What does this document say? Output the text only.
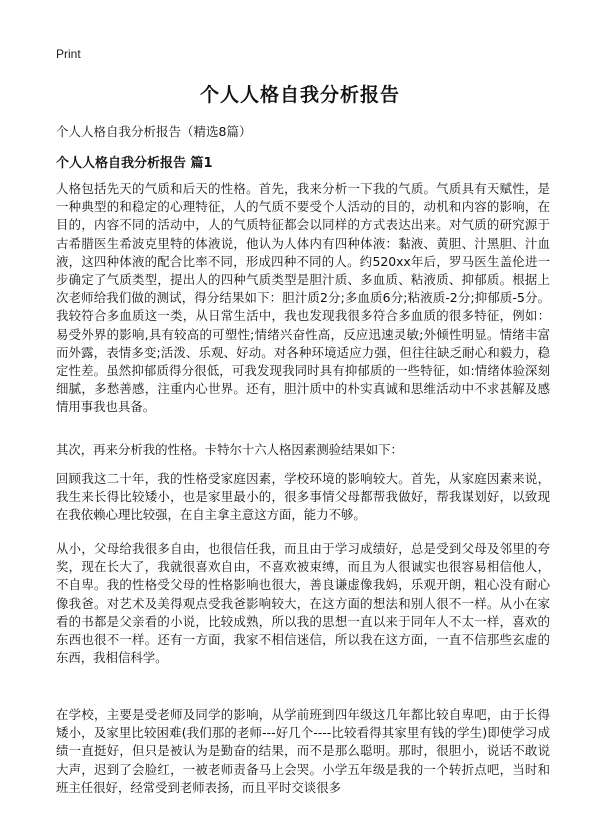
Print
个人人格自我分析报告
个人人格自我分析报告（精选8篇）
个人人格自我分析报告 篇1

人格包括先天的气质和后天的性格。首先，我来分析一下我的气质。气质具有天赋性，是一种典型的和稳定的心理特征，人的气质不要受个人活动的目的，动机和内容的影响，在目的，内容不同的活动中，人的气质特征都会以同样的方式表达出来。对气质的研究源于古希腊医生希波克里特的体液说，他认为人体内有四种体液：黏液、黄胆、汁黑胆、汁血液，这四种体液的配合比率不同，形成四种不同的人。约520xx年后，罗马医生盖伦进一步确定了气质类型，提出人的四种气质类型是胆汁质、多血质、粘液质、抑郁质。根据上次老师给我们做的测试，得分结果如下：胆汁质2分;多血质6分;粘液质-2分;抑郁质-5分。我较符合多血质这一类，从日常生活中，我也发现我很多符合多血质的很多特征，例如：易受外界的影响,具有较高的可塑性;情绪兴奋性高，反应迅速灵敏;外倾性明显。情绪丰富而外露，表情多变;活泼、乐观、好动。对各种环境适应力强，但往往缺乏耐心和毅力，稳定性差。虽然抑郁质得分很低，可我发现我同时具有抑郁质的一些特征，如:情绪体验深刻细腻，多愁善感，注重内心世界。还有，胆汁质中的朴实真诚和思维活动中不求甚解及感情用事我也具备。

其次，再来分析我的性格。卡特尔十六人格因素测验结果如下：

回顾我这二十年，我的性格受家庭因素，学校环境的影响较大。首先，从家庭因素来说，我生来长得比较矮小，也是家里最小的，很多事情父母都帮我做好，帮我谋划好，以致现在我依赖心理比较强，在自主拿主意这方面，能力不够。

从小，父母给我很多自由，也很信任我，而且由于学习成绩好，总是受到父母及邻里的夸奖，现在长大了，我就很喜欢自由，不喜欢被束缚，而且为人很诚实也很容易相信他人，不自卑。我的性格受父母的性格影响也很大，善良谦虚像我妈，乐观开朗，粗心没有耐心像我爸。对艺术及美得观点受我爸影响较大，在这方面的想法和别人很不一样。从小在家看的书都是父亲看的小说，比较成熟，所以我的思想一直以来于同年人不太一样，喜欢的东西也很不一样。还有一方面，我家不相信迷信，所以我在这方面，一直不信那些玄虚的东西，我相信科学。

在学校，主要是受老师及同学的影响，从学前班到四年级这几年都比较自卑吧，由于长得矮小，及家里比较困难(我们那的老师---好几个----比较看得其家里有钱的学生)即使学习成绩一直挺好，但只是被认为是勤奋的结果，而不是那么聪明。那时，很胆小，说话不敢说大声，迟到了会脸红，一被老师责备马上会哭。小学五年级是我的一个转折点吧，当时和班主任很好，经常受到老师表扬，而且平时交谈很多
